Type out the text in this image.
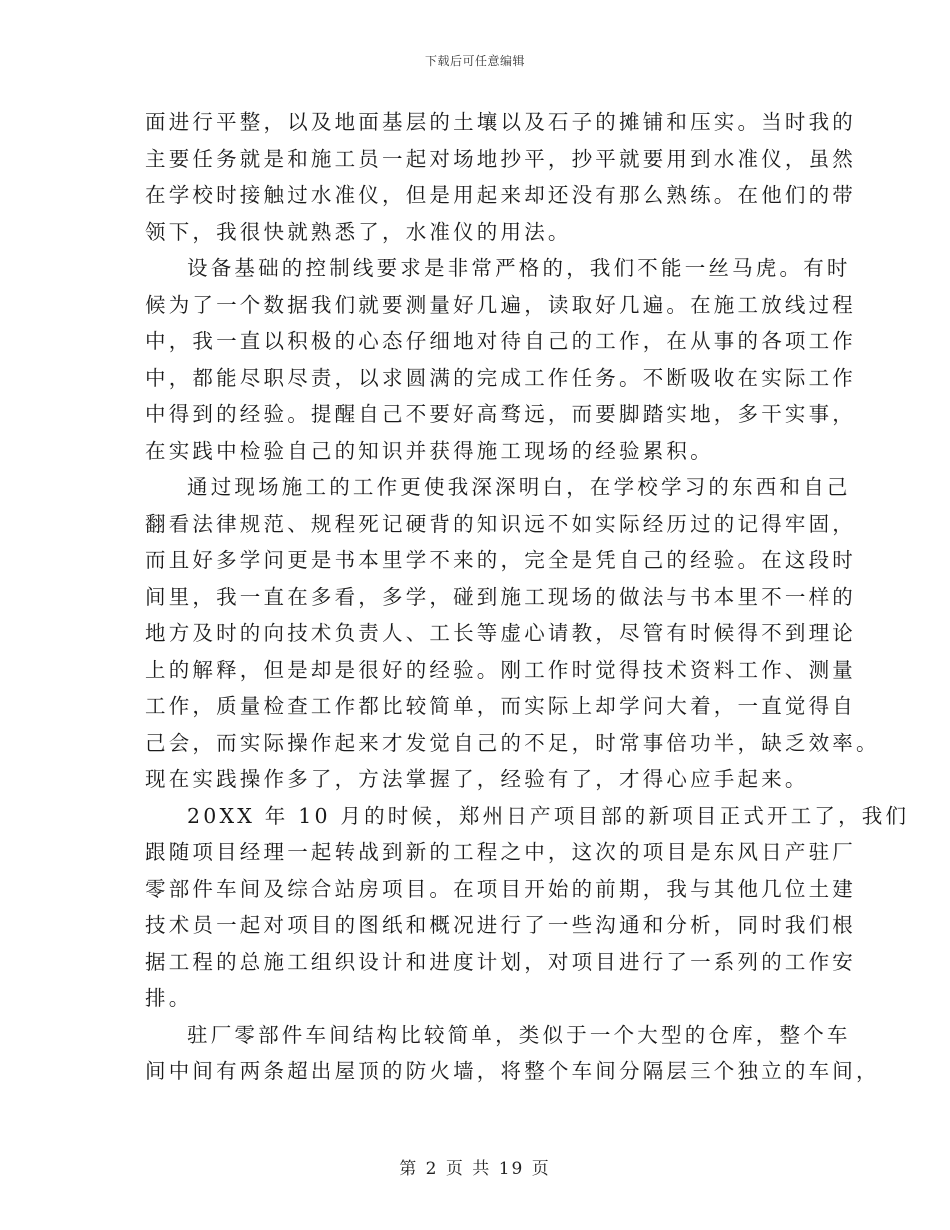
下载后可任意编辑

面进行平整，以及地面基层的土壤以及石子的摊铺和压实。当时我的
主要任务就是和施工员一起对场地抄平，抄平就要用到水准仪，虽然
在学校时接触过水准仪，但是用起来却还没有那么熟练。在他们的带
领下，我很快就熟悉了，水准仪的用法。

设备基础的控制线要求是非常严格的，我们不能一丝马虎。有时
候为了一个数据我们就要测量好几遍，读取好几遍。在施工放线过程
中，我一直以积极的心态仔细地对待自己的工作，在从事的各项工作
中，都能尽职尽责，以求圆满的完成工作任务。不断吸收在实际工作
中得到的经验。提醒自己不要好高骛远，而要脚踏实地，多干实事，
在实践中检验自己的知识并获得施工现场的经验累积。

通过现场施工的工作更使我深深明白，在学校学习的东西和自己
翻看法律规范、规程死记硬背的知识远不如实际经历过的记得牢固，
而且好多学问更是书本里学不来的，完全是凭自己的经验。在这段时
间里，我一直在多看，多学，碰到施工现场的做法与书本里不一样的
地方及时的向技术负责人、工长等虚心请教，尽管有时候得不到理论
上的解释，但是却是很好的经验。刚工作时觉得技术资料工作、测量
工作，质量检查工作都比较简单，而实际上却学问大着，一直觉得自
己会，而实际操作起来才发觉自己的不足，时常事倍功半，缺乏效率。
现在实践操作多了，方法掌握了，经验有了，才得心应手起来。

20XX 年 10 月的时候，郑州日产项目部的新项目正式开工了，我们
跟随项目经理一起转战到新的工程之中，这次的项目是东风日产驻厂
零部件车间及综合站房项目。在项目开始的前期，我与其他几位土建
技术员一起对项目的图纸和概况进行了一些沟通和分析，同时我们根
据工程的总施工组织设计和进度计划，对项目进行了一系列的工作安
排。

驻厂零部件车间结构比较简单，类似于一个大型的仓库，整个车
间中间有两条超出屋顶的防火墙，将整个车间分隔层三个独立的车间，

第 2 页 共 19 页
